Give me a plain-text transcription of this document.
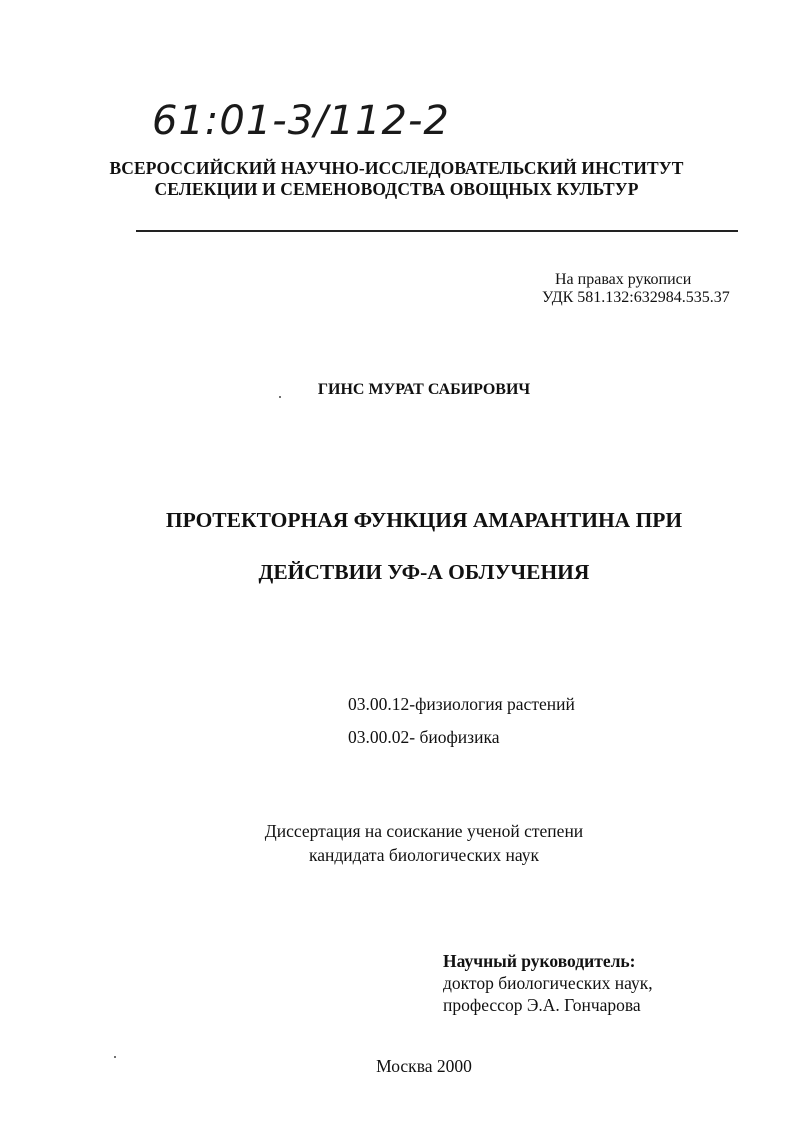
61:01-3/112-2
ВСЕРОССИЙСКИЙ НАУЧНО-ИССЛЕДОВАТЕЛЬСКИЙ ИНСТИТУТ
СЕЛЕКЦИИ И СЕМЕНОВОДСТВА ОВОЩНЫХ КУЛЬТУР
На правах рукописи
УДК 581.132:632984.535.37
ГИНС МУРАТ САБИРОВИЧ
ПРОТЕКТОРНАЯ ФУНКЦИЯ АМАРАНТИНА ПРИ
ДЕЙСТВИИ УФ-А ОБЛУЧЕНИЯ
03.00.12-физиология растений
03.00.02- биофизика
Диссертация на соискание ученой степени
кандидата биологических наук
Научный руководитель:
доктор биологических наук,
профессор Э.А. Гончарова
Москва 2000
